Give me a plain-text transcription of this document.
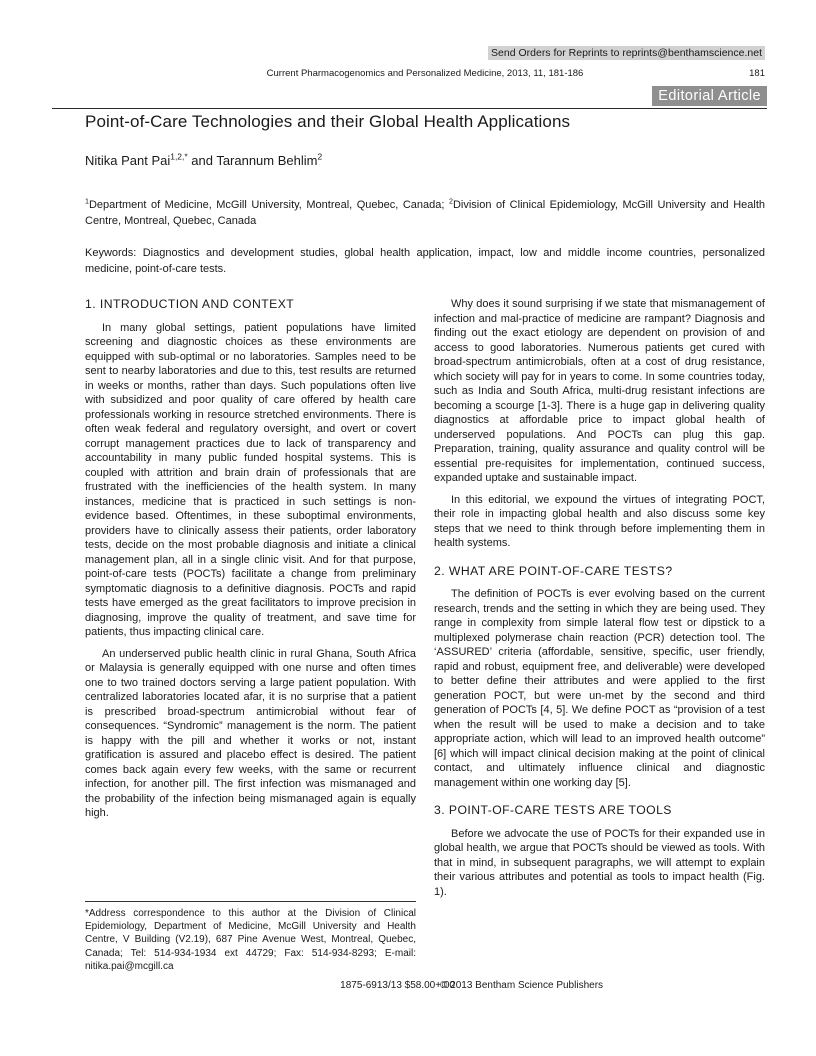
Send Orders for Reprints to reprints@benthamscience.net
Current Pharmacogenomics and Personalized Medicine, 2013, 11, 181-186	181
Editorial Article
Point-of-Care Technologies and their Global Health Applications
Nitika Pant Pai$^{1,2,*}$ and Tarannum Behlim$^2$

$^1$Department of Medicine, McGill University, Montreal, Quebec, Canada; $^2$Division of Clinical Epidemiology, McGill University and Health Centre, Montreal, Quebec, Canada

Keywords: Diagnostics and development studies, global health application, impact, low and middle income countries, personalized medicine, point-of-care tests.

1. INTRODUCTION AND CONTEXT

In many global settings, patient populations have limited screening and diagnostic choices as these environments are equipped with sub-optimal or no laboratories. Samples need to be sent to nearby laboratories and due to this, test results are returned in weeks or months, rather than days. Such populations often live with subsidized and poor quality of care offered by health care professionals working in resource stretched environments. There is often weak federal and regulatory oversight, and overt or covert corrupt management practices due to lack of transparency and accountability in many public funded hospital systems. This is coupled with attrition and brain drain of professionals that are frustrated with the inefficiencies of the health system. In many instances, medicine that is practiced in such settings is non-evidence based. Oftentimes, in these suboptimal environments, providers have to clinically assess their patients, order laboratory tests, decide on the most probable diagnosis and initiate a clinical management plan, all in a single clinic visit. And for that purpose, point-of-care tests (POCTs) facilitate a change from preliminary symptomatic diagnosis to a definitive diagnosis. POCTs and rapid tests have emerged as the great facilitators to improve precision in diagnosing, improve the quality of treatment, and save time for patients, thus impacting clinical care.

An underserved public health clinic in rural Ghana, South Africa or Malaysia is generally equipped with one nurse and often times one to two trained doctors serving a large patient population. With centralized laboratories located afar, it is no surprise that a patient is prescribed broad-spectrum antimicrobial without fear of consequences. “Syndromic” management is the norm. The patient is happy with the pill and whether it works or not, instant gratification is assured and placebo effect is desired. The patient comes back again every few weeks, with the same or recurrent infection, for another pill. The first infection was mismanaged and the probability of the infection being mismanaged again is equally high.

Why does it sound surprising if we state that mismanagement of infection and mal-practice of medicine are rampant? Diagnosis and finding out the exact etiology are dependent on provision of and access to good laboratories. Numerous patients get cured with broad-spectrum antimicrobials, often at a cost of drug resistance, which society will pay for in years to come. In some countries today, such as India and South Africa, multi-drug resistant infections are becoming a scourge [1-3]. There is a huge gap in delivering quality diagnostics at affordable price to impact global health of underserved populations. And POCTs can plug this gap. Preparation, training, quality assurance and quality control will be essential pre-requisites for implementation, continued success, expanded uptake and sustainable impact.

In this editorial, we expound the virtues of integrating POCT, their role in impacting global health and also discuss some key steps that we need to think through before implementing them in health systems.

2. WHAT ARE POINT-OF-CARE TESTS?

The definition of POCTs is ever evolving based on the current research, trends and the setting in which they are being used. They range in complexity from simple lateral flow test or dipstick to a multiplexed polymerase chain reaction (PCR) detection tool. The ‘ASSURED’ criteria (affordable, sensitive, specific, user friendly, rapid and robust, equipment free, and deliverable) were developed to better define their attributes and were applied to the first generation POCT, but were un-met by the second and third generation of POCTs [4, 5]. We define POCT as “provision of a test when the result will be used to make a decision and to take appropriate action, which will lead to an improved health outcome” [6] which will impact clinical decision making at the point of clinical contact, and ultimately influence clinical and diagnostic management within one working day [5].

3. POINT-OF-CARE TESTS ARE TOOLS

Before we advocate the use of POCTs for their expanded use in global health, we argue that POCTs should be viewed as tools. With that in mind, in subsequent paragraphs, we will attempt to explain their various attributes and potential as tools to impact health (Fig. 1).

*Address correspondence to this author at the Division of Clinical Epidemiology, Department of Medicine, McGill University and Health Centre, V Building (V2.19), 687 Pine Avenue West, Montreal, Quebec, Canada; Tel: 514-934-1934 ext 44729; Fax: 514-934-8293; E-mail: nitika.pai@mcgill.ca

1875-6913/13 $58.00+.00
© 2013 Bentham Science Publishers
